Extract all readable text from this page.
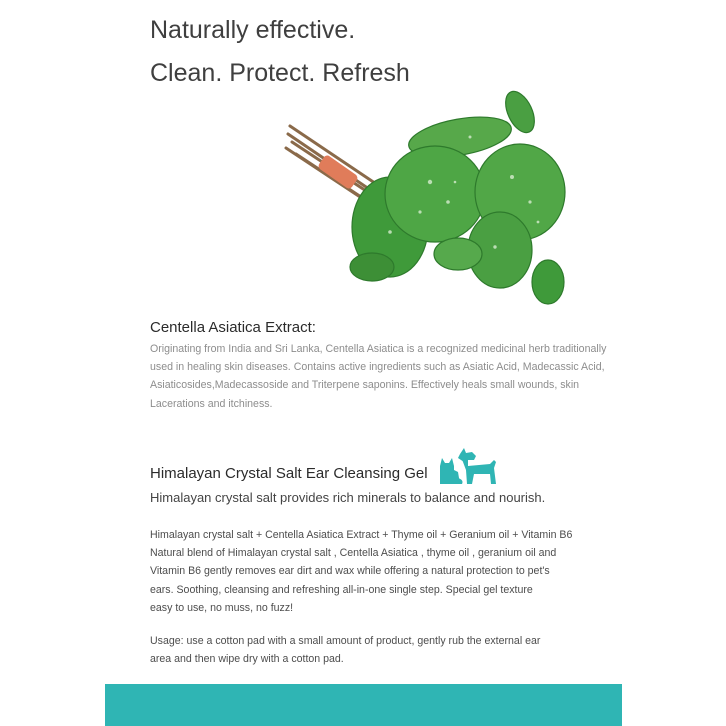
Naturally effective.
Clean. Protect. Refresh
Centella Asiatica Extract:

Originating from India and Sri Lanka, Centella Asiatica is a recognized medicinal herb traditionally used in healing skin diseases. Contains active ingredients such as Asiatic Acid, Madecassic Acid, Asiaticosides,Madecassoside and Triterpene saponins. Effectively heals small wounds, skin Lacerations and itchiness.

Himalayan Crystal Salt Ear Cleansing Gel

Himalayan crystal salt provides rich minerals to balance and nourish.

Himalayan crystal salt + Centella Asiatica Extract + Thyme oil + Geranium oil + Vitamin B6
Natural blend of Himalayan crystal salt , Centella Asiatica , thyme oil , geranium oil and
Vitamin B6 gently removes ear dirt and wax while offering a natural protection to pet's
ears. Soothing, cleansing and refreshing all-in-one single step. Special gel texture
easy to use, no muss, no fuzz!
Usage: use a cotton pad with a small amount of product, gently rub the external ear
area and then wipe dry with a cotton pad.
